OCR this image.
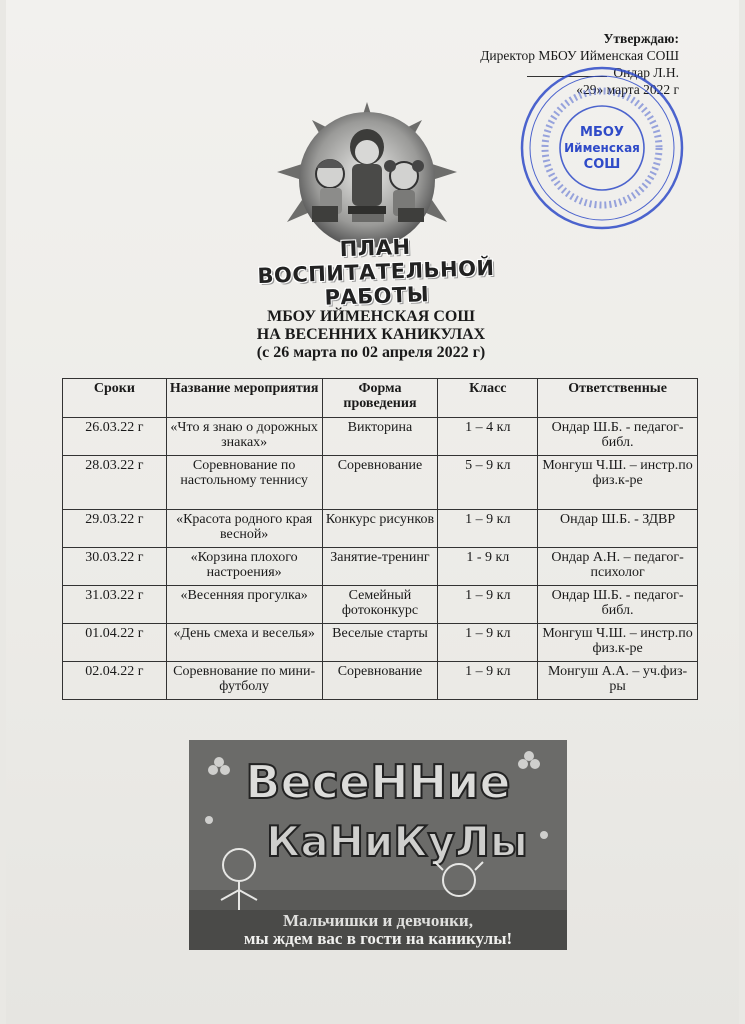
Утверждаю:
Директор МБОУ Ийменская СОШ
Ондар Л.Н.
«29» марта 2022 г
МБОУ
Ийменская
СОШ
ПЛАН ВОСПИТАТЕЛЬНОЙ
РАБОТЫ
МБОУ ИЙМЕНСКАЯ СОШ
НА ВЕСЕННИХ КАНИКУЛАХ
(с 26 марта по 02 апреля 2022 г)
Сроки	Название мероприятия	Форма проведения	Класс	Ответственные
26.03.22 г	«Что я знаю о дорожных знаках»	Викторина	1 – 4 кл	Ондар Ш.Б. - педагог-библ.
28.03.22 г	Соревнование по настольному теннису	Соревнование	5 – 9 кл	Монгуш Ч.Ш. – инстр.по физ.к-ре
29.03.22 г	«Красота родного края весной»	Конкурс рисунков	1 – 9 кл	Ондар Ш.Б. - ЗДВР
30.03.22 г	«Корзина плохого настроения»	Занятие-тренинг	1 - 9 кл	Ондар А.Н. – педагог-психолог
31.03.22 г	«Весенняя прогулка»	Семейный фотоконкурс	1 – 9 кл	Ондар Ш.Б. - педагог-библ.
01.04.22 г	«День смеха и веселья»	Веселые старты	1 – 9 кл	Монгуш Ч.Ш. – инстр.по физ.к-ре
02.04.22 г	Соревнование по мини-футболу	Соревнование	1 – 9 кл	Монгуш А.А. – уч.физ-ры
ВесеННие
КаНиКуЛы
Мальчишки и девчонки,
мы ждем вас в гости на каникулы!
